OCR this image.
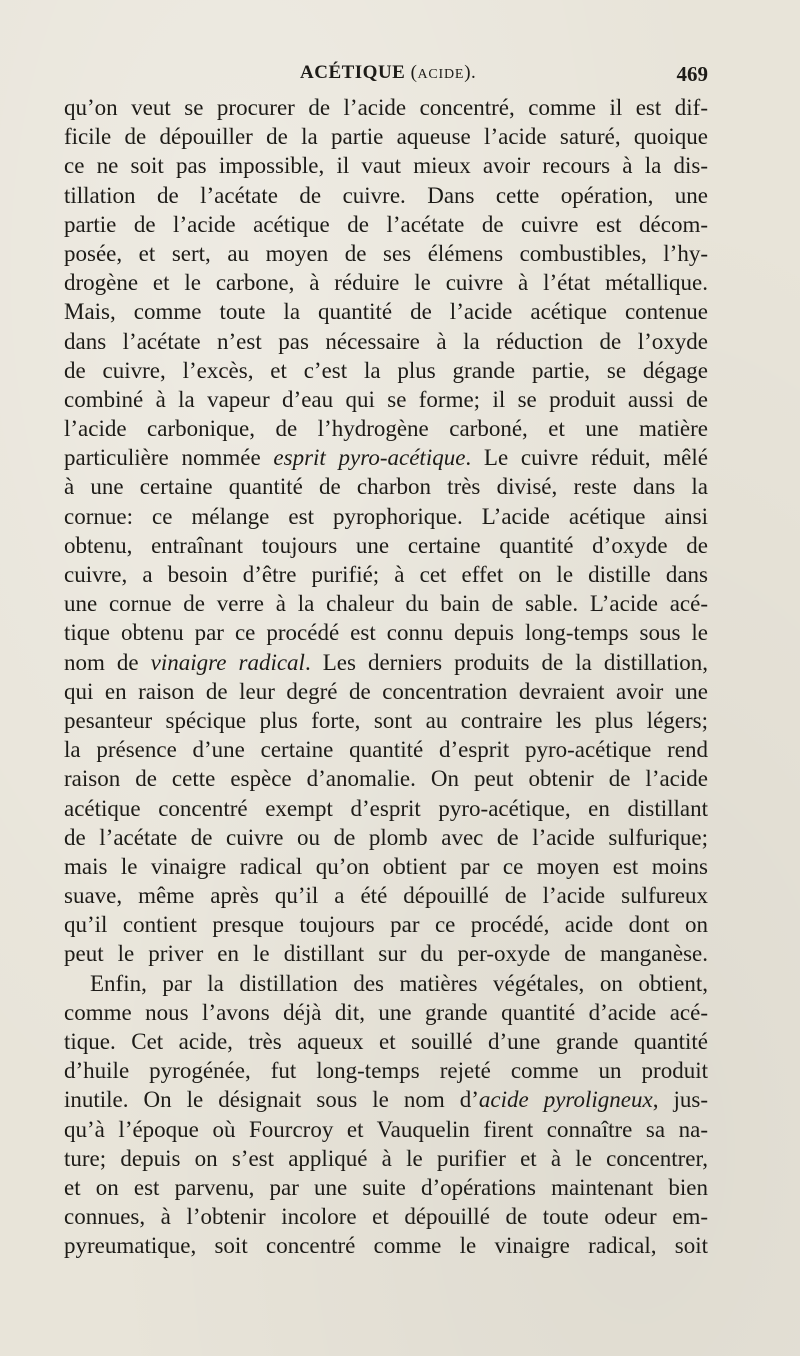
ACÉTIQUE (ACIDE).	469
qu’on veut se procurer de l’acide concentré, comme il est dif-
ficile de dépouiller de la partie aqueuse l’acide saturé, quoique
ce ne soit pas impossible, il vaut mieux avoir recours à la dis-
tillation de l’acétate de cuivre. Dans cette opération, une
partie de l’acide acétique de l’acétate de cuivre est décom-
posée, et sert, au moyen de ses élémens combustibles, l’hy-
drogène et le carbone, à réduire le cuivre à l’état métallique.
Mais, comme toute la quantité de l’acide acétique contenue
dans l’acétate n’est pas nécessaire à la réduction de l’oxyde
de cuivre, l’excès, et c’est la plus grande partie, se dégage
combiné à la vapeur d’eau qui se forme; il se produit aussi de
l’acide carbonique, de l’hydrogène carboné, et une matière
particulière nommée esprit pyro-acétique. Le cuivre réduit, mêlé
à une certaine quantité de charbon très divisé, reste dans la
cornue: ce mélange est pyrophorique. L’acide acétique ainsi
obtenu, entraînant toujours une certaine quantité d’oxyde de
cuivre, a besoin d’être purifié; à cet effet on le distille dans
une cornue de verre à la chaleur du bain de sable. L’acide acé-
tique obtenu par ce procédé est connu depuis long-temps sous le
nom de vinaigre radical. Les derniers produits de la distillation,
qui en raison de leur degré de concentration devraient avoir une
pesanteur spécique plus forte, sont au contraire les plus légers;
la présence d’une certaine quantité d’esprit pyro-acétique rend
raison de cette espèce d’anomalie. On peut obtenir de l’acide
acétique concentré exempt d’esprit pyro-acétique, en distillant
de l’acétate de cuivre ou de plomb avec de l’acide sulfurique;
mais le vinaigre radical qu’on obtient par ce moyen est moins
suave, même après qu’il a été dépouillé de l’acide sulfureux
qu’il contient presque toujours par ce procédé, acide dont on
peut le priver en le distillant sur du per-oxyde de manganèse.
Enfin, par la distillation des matières végétales, on obtient,
comme nous l’avons déjà dit, une grande quantité d’acide acé-
tique. Cet acide, très aqueux et souillé d’une grande quantité
d’huile pyrogénée, fut long-temps rejeté comme un produit
inutile. On le désignait sous le nom d’acide pyroligneux, jus-
qu’à l’époque où Fourcroy et Vauquelin firent connaître sa na-
ture; depuis on s’est appliqué à le purifier et à le concentrer,
et on est parvenu, par une suite d’opérations maintenant bien
connues, à l’obtenir incolore et dépouillé de toute odeur em-
pyreumatique, soit concentré comme le vinaigre radical, soit
